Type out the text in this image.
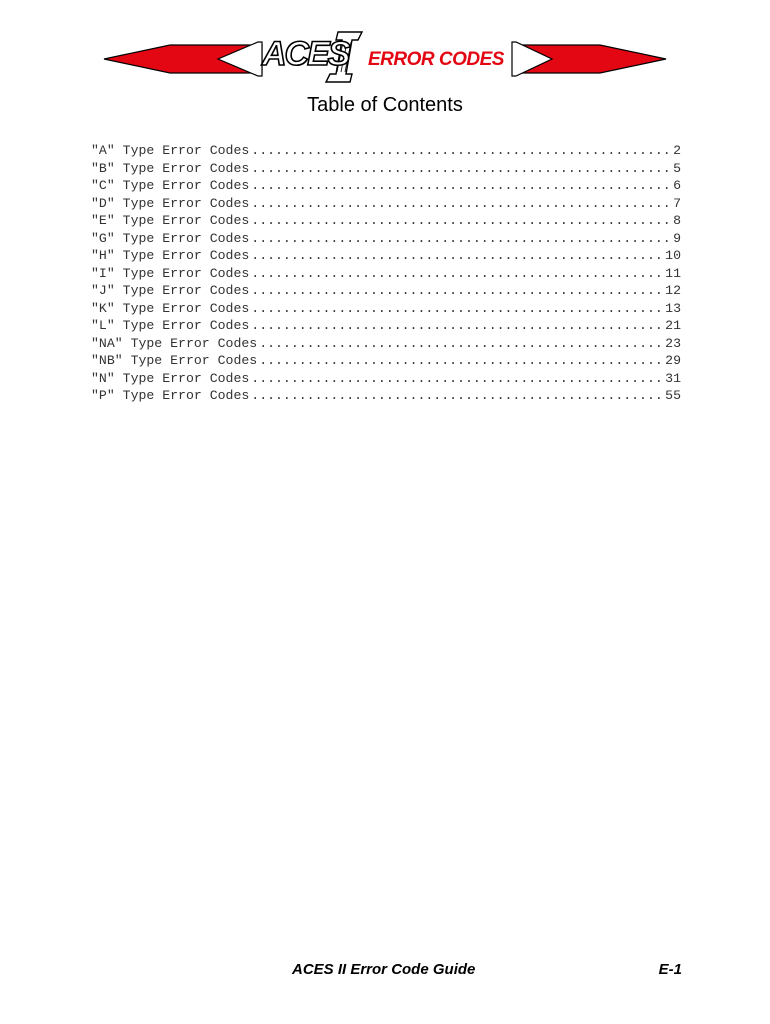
ACES ERROR CODES
Table of Contents
"A" Type Error Codes .....	2
"B" Type Error Codes .....	5
"C" Type Error Codes .....	6
"D" Type Error Codes .....	7
"E" Type Error Codes .....	8
"G" Type Error Codes .....	9
"H" Type Error Codes .....	10
"I" Type Error Codes .....	11
"J" Type Error Codes .....	12
"K" Type Error Codes .....	13
"L" Type Error Codes .....	21
"NA" Type Error Codes .....	23
"NB" Type Error Codes .....	29
"N" Type Error Codes .....	31
"P" Type Error Codes .....	55
ACES II Error Code Guide	E-1
